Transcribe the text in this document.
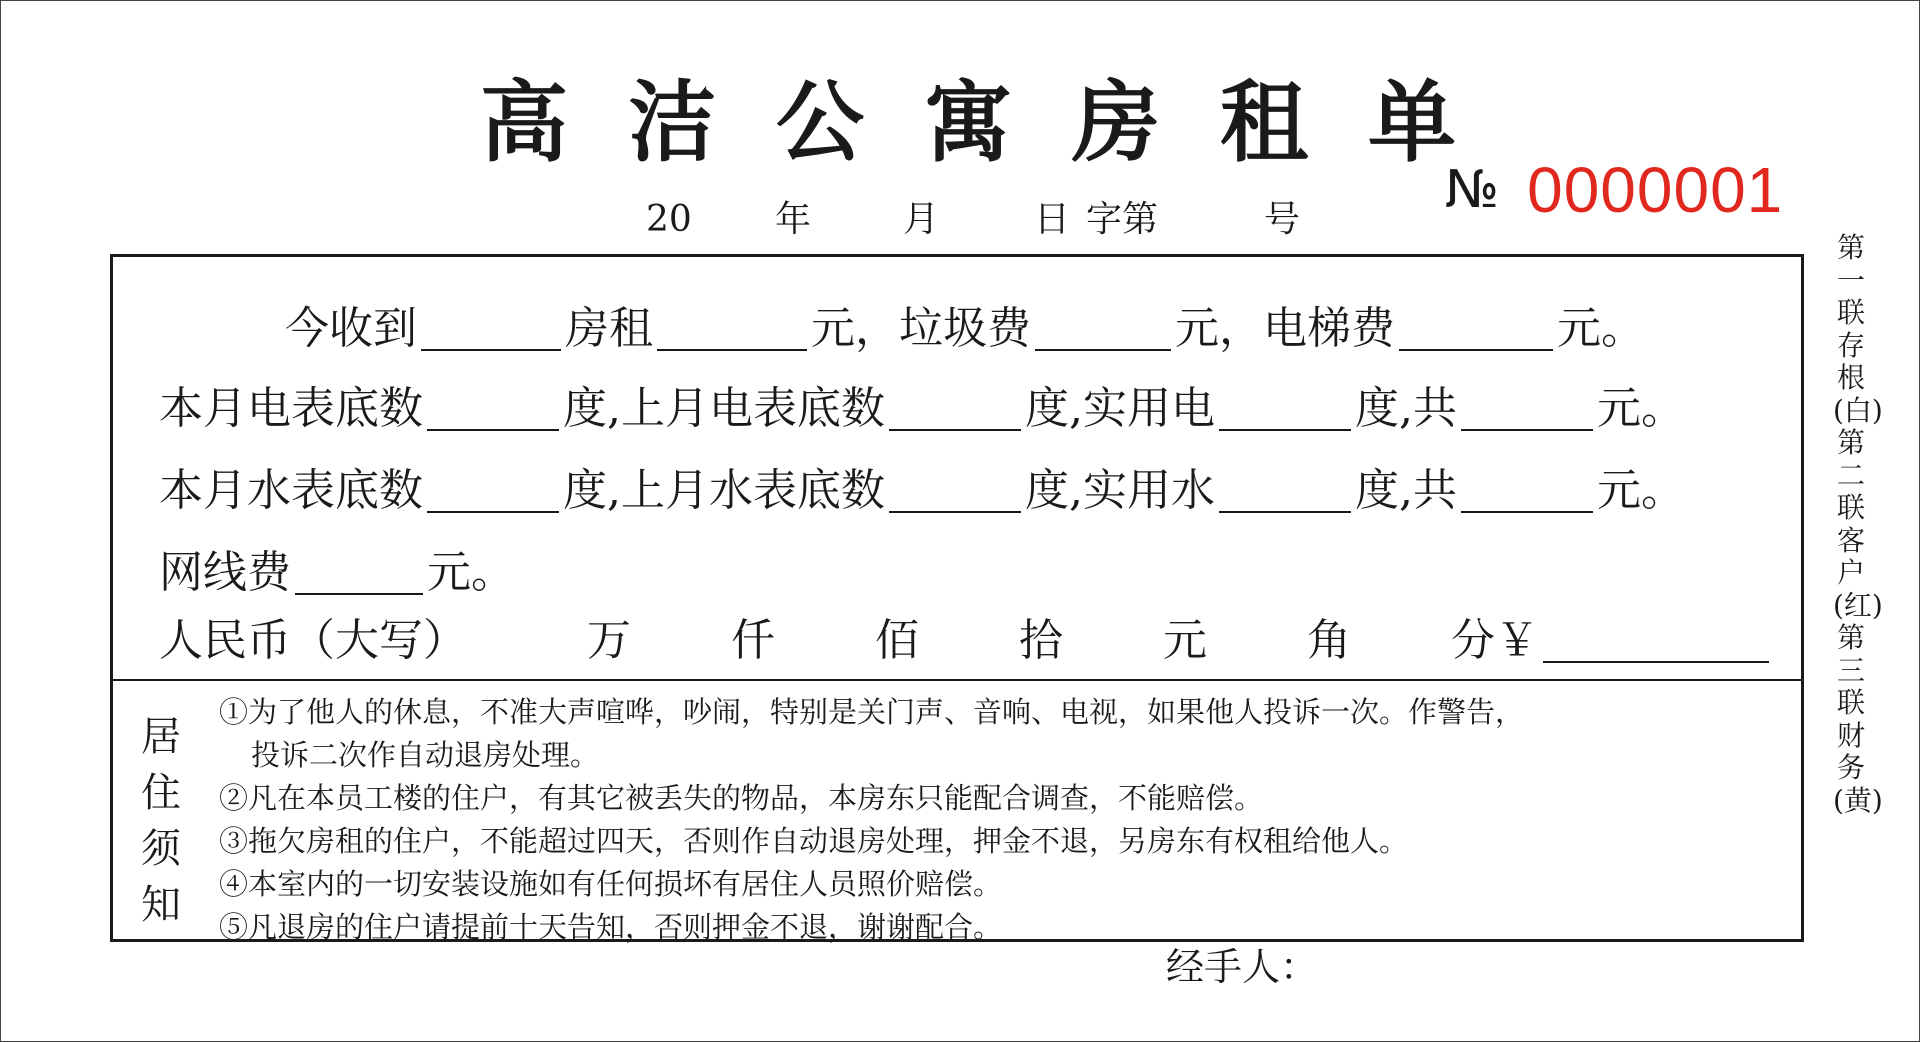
高洁公寓房租单
№ 0000001
20 年	月	日 字第	号
今收到	房租	元，垃圾费	元，电梯费	元。
本月电表底数	度,上月电表底数	度,实用电	度,共	元。
本月水表底数	度,上月水表底数	度,实用水	度,共	元。
网线费	元。
人民币（大写）	万 仟 佰 拾 元 角 分￥
居住须知
①为了他人的休息，不准大声喧哗，吵闹，特别是关门声、音响、电视，如果他人投诉一次。作警告，
投诉二次作自动退房处理。
②凡在本员工楼的住户，有其它被丢失的物品，本房东只能配合调查，不能赔偿。
③拖欠房租的住户，不能超过四天，否则作自动退房处理，押金不退，另房东有权租给他人。
④本室内的一切安装设施如有任何损坏有居住人员照价赔偿。
⑤凡退房的住户请提前十天告知，否则押金不退，谢谢配合。
经手人：
第一联存根(白)第二联客户(红)第三联财务(黄)
